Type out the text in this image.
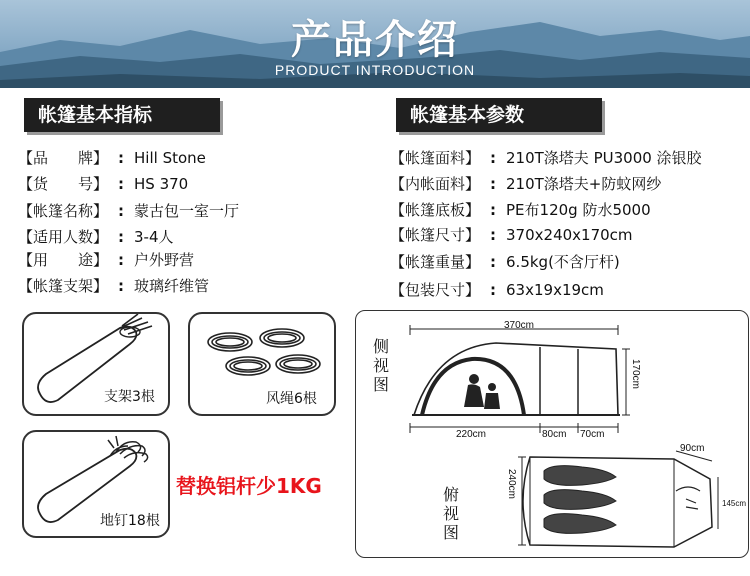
产品介绍
PRODUCT INTRODUCTION
帐篷基本指标
【品　　牌】 : Hill Stone
【货　　号】 : HS 370
【帐篷名称】 : 蒙古包一室一厅
【适用人数】 : 3-4人
【用　　途】 : 户外野营
【帐篷支架】 : 玻璃纤维管
帐篷基本参数
【帐篷面料】 : 210T涤塔夫 PU3000 涂银胶
【内帐面料】 : 210T涤塔夫+防蚊网纱
【帐篷底板】 : PE布120g 防水5000
【帐篷尺寸】 : 370x240x170cm
【帐篷重量】 : 6.5kg(不含厅杆)
【包装尺寸】 : 63x19x19cm
支架3根	风绳6根
地钉18根
替换铝杆少1KG
侧
视
图
俯
视
图
370cm
170cm
220cm	80cm 70cm
240cm
90cm
145cm
